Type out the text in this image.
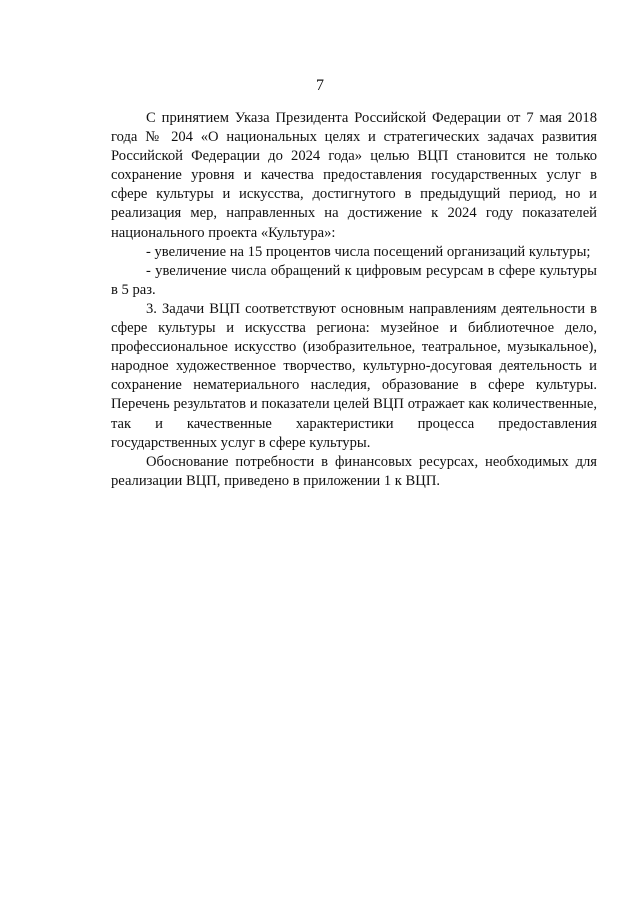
7

С принятием Указа Президента Российской Федерации от 7 мая 2018 года № 204 «О национальных целях и стратегических задачах развития Российской Федерации до 2024 года» целью ВЦП становится не только сохранение уровня и качества предоставления государственных услуг в сфере культуры и искусства, достигнутого в предыдущий период, но и реализация мер, направленных на достижение к 2024 году показателей национального проекта «Культура»:

- увеличение на 15 процентов числа посещений организаций культуры;

- увеличение числа обращений к цифровым ресурсам в сфере культуры в 5 раз.

3. Задачи ВЦП соответствуют основным направлениям деятельности в сфере культуры и искусства региона: музейное и библиотечное дело, профессиональное искусство (изобразительное, театральное, музыкальное), народное художественное творчество, культурно-досуговая деятельность и сохранение нематериального наследия, образование в сфере культуры. Перечень результатов и показатели целей ВЦП отражает как количественные, так и качественные характеристики процесса предоставления государственных услуг в сфере культуры.

Обоснование потребности в финансовых ресурсах, необходимых для реализации ВЦП, приведено в приложении 1 к ВЦП.
